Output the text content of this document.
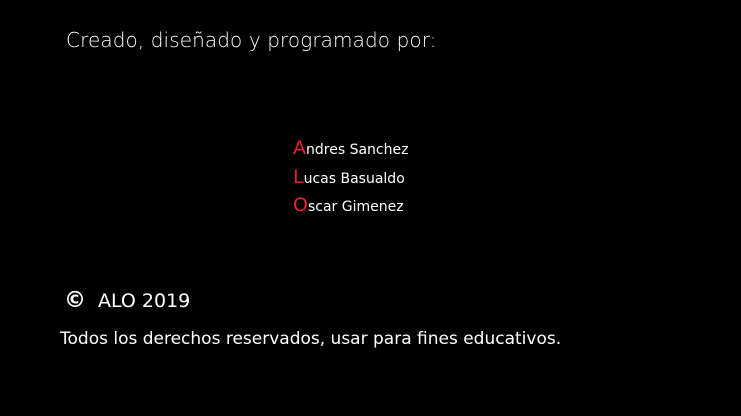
Creado, diseñado y programado por:
Andres Sanchez
Lucas Basualdo
Oscar Gimenez
© ALO 2019
Todos los derechos reservados, usar para fines educativos.
